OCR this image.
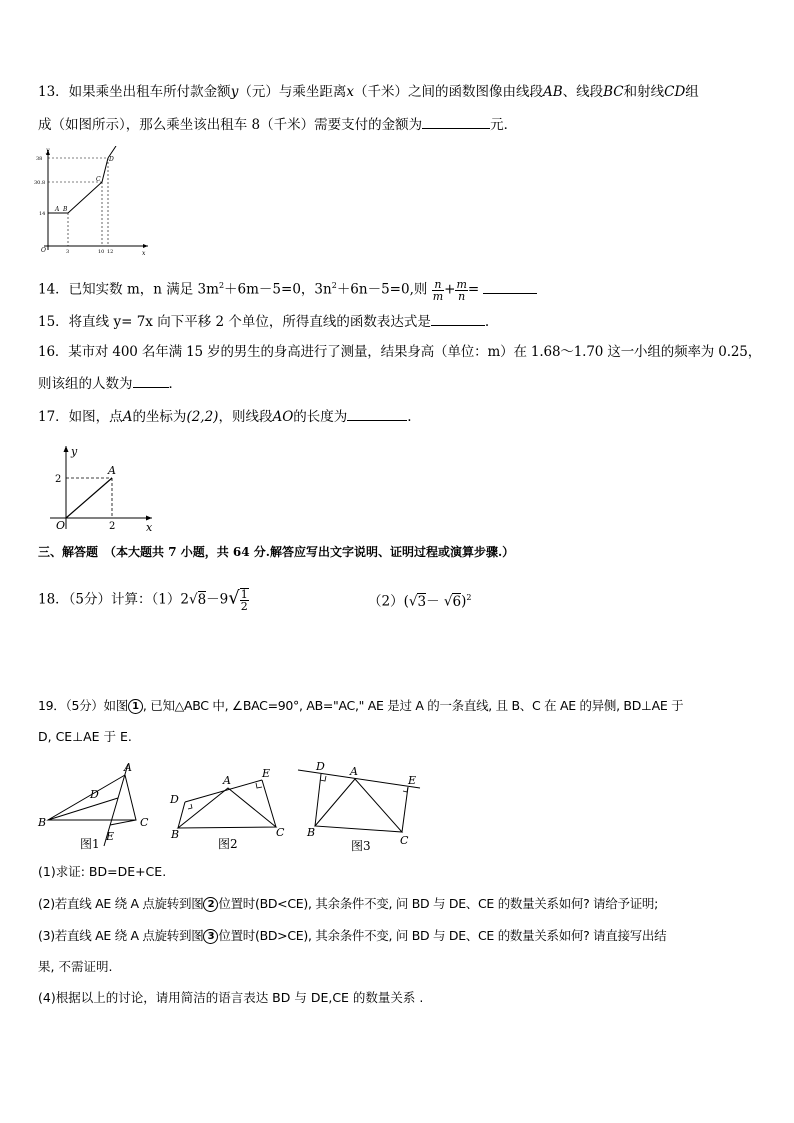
13．如果乘坐出租车所付款金额y（元）与乘坐距离x（千米）之间的函数图像由线段AB、线段BC和射线CD组
成（如图所示），那么乘坐该出租车 8（千米）需要支付的金额为	元．
y
x
O
38
30.8
14
3	10 12
A B
C
D
14．已知实数 m，n 满足 $3m^2+6m-5=0$，$3n^2+6n-5=0$,则 $\frac{n}{m} + \frac{m}{n}$ =
15．将直线 y= 7x 向下平移 2 个单位，所得直线的函数表达式是	.
16．某市对 400 名年满 15 岁的男生的身高进行了测量，结果身高（单位：m）在 1.68～1.70 这一小组的频率为 0.25，
则该组的人数为	．
17．如图，点A的坐标为(2,2)，则线段AO的长度为	.
y
x
O
A
2
2
三、解答题 （本大题共 7 小题，共 64 分.解答应写出文字说明、证明过程或演算步骤.）
18．（5分）计算：$(1)2√8-9√ \frac{1}{2}$	$(2)(√3- √6)^2$
19．（5分）如图 1 , 已知△ABC 中, ∠BAC=90°, AB="AC," AE 是过 A 的一条直线, 且 B、C 在 AE 的异侧, BD⊥AE 于
D, CE⊥AE 于 E.
A
B	C
D
E
图1
A
B	C
D
E
图2
A
B
C
D
E
图3
(1)求证: BD=DE+CE.
(2)若直线 AE 绕 A 点旋转到图 2 位置时(BD<CE), 其余条件不变, 问 BD 与 DE、CE 的数量关系如何? 请给予证明;
(3)若直线 AE 绕 A 点旋转到图 3 位置时(BD>CE), 其余条件不变, 问 BD 与 DE、CE 的数量关系如何? 请直接写出结
果, 不需证明.
(4)根据以上的讨论，请用简洁的语言表达 BD 与 DE,CE 的数量关系 .
